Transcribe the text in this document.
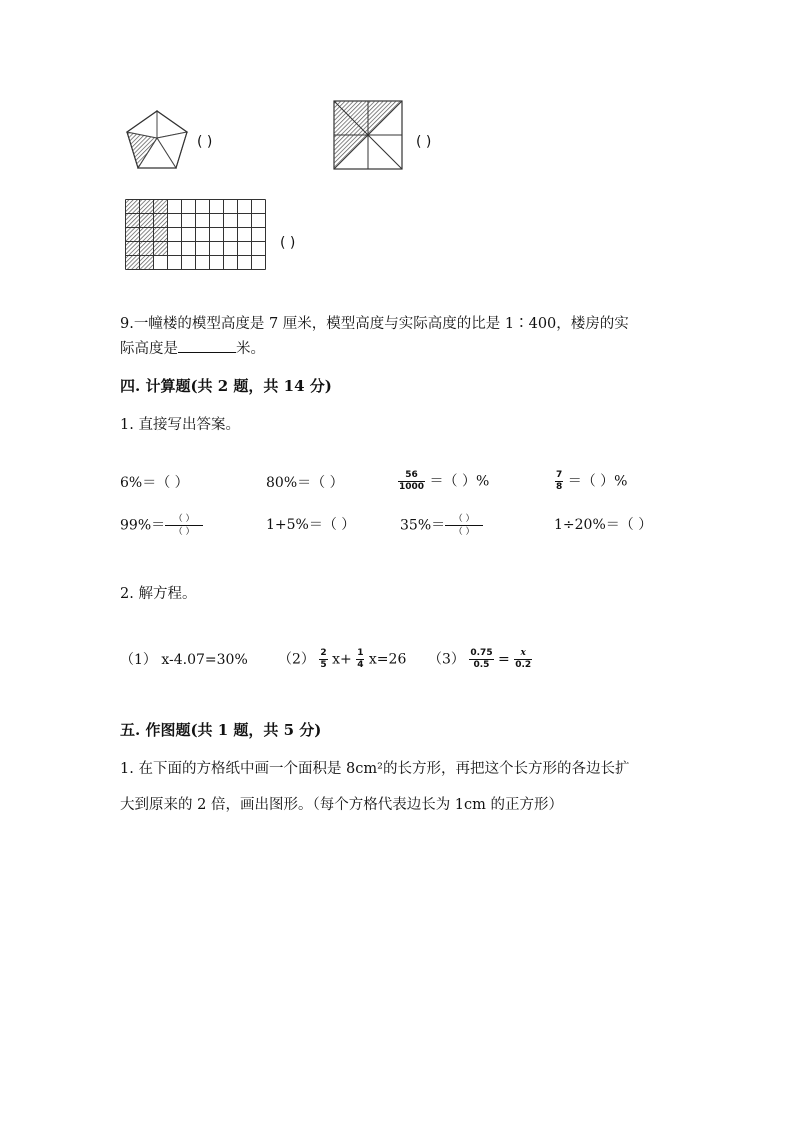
( )	( )
( )
9.一幢楼的模型高度是 7 厘米，模型高度与实际高度的比是 1∶400，楼房的实
际高度是	米。
四. 计算题(共 2 题，共 14 分)
1. 直接写出答案。
6%＝（ ）	80%＝（ ）	$\frac{56}{1000}$ ＝（ ）%	$\frac{7}{8}$ ＝（ ）%
$99\%= \frac{( )}{( )}$	1+5%＝（ ）	$35\%= \frac{( )}{( )}$	1÷20%＝（ ）
2. 解方程。
（1） x-4.07=30% $(2) \frac{2}{5} x+ \frac{1}{4} x=26$ $(3) \frac{0.75}{0.5} = \frac{x}{0.2}$
五. 作图题(共 1 题，共 5 分)
1. 在下面的方格纸中画一个面积是 8cm²的长方形，再把这个长方形的各边长扩
大到原来的 2 倍，画出图形。（每个方格代表边长为 1cm 的正方形）
